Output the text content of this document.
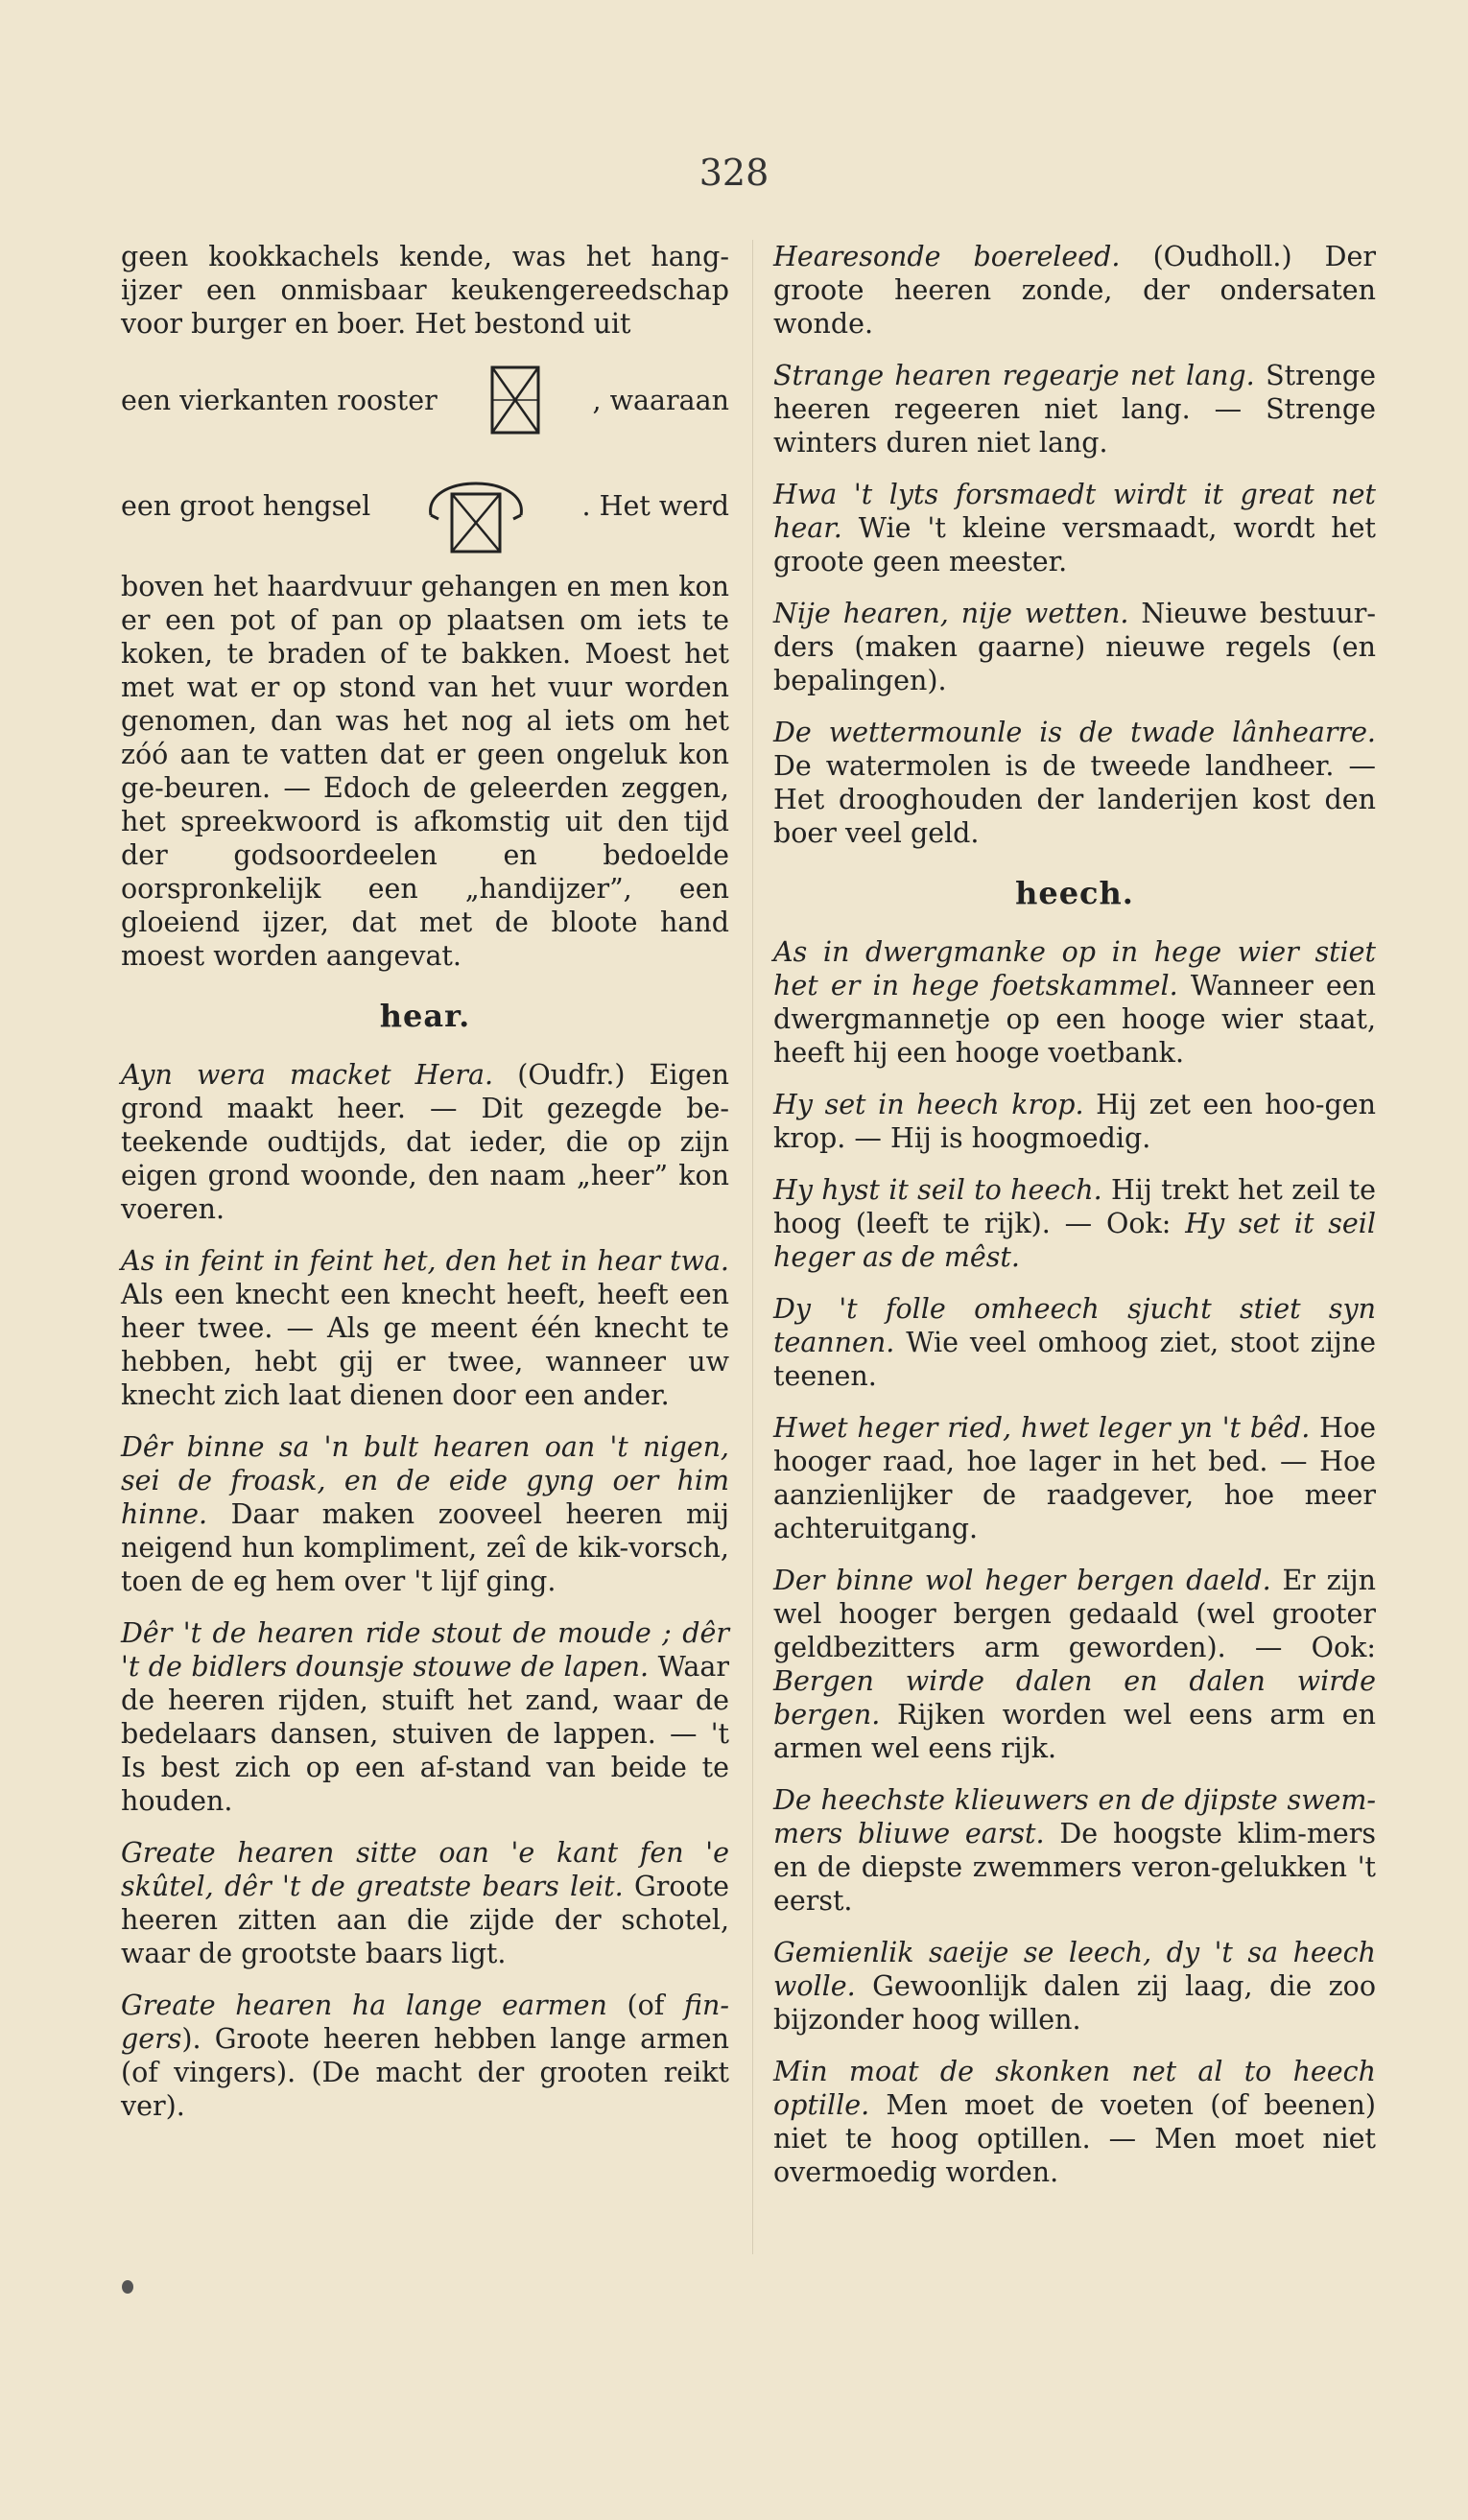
328

geen kookkachels kende, was het hang-ijzer een onmisbaar keukengereedschap voor burger en boer. Het bestond uit

een vierkanten rooster	, waaraan
een groot hengsel	. Het werd

boven het haardvuur gehangen en men kon er een pot of pan op plaatsen om iets te koken, te braden of te bakken. Moest het met wat er op stond van het vuur worden genomen, dan was het nog al iets om het zóó aan te vatten dat er geen ongeluk kon ge-beuren. — Edoch de geleerden zeggen, het spreekwoord is afkomstig uit den tijd der godsoordeelen en bedoelde oorspronkelijk een „handijzer”, een gloeiend ijzer, dat met de bloote hand moest worden aangevat.

hear.

Ayn wera macket Hera. (Oudfr.) Eigen grond maakt heer. — Dit gezegde be-teekende oudtijds, dat ieder, die op zijn eigen grond woonde, den naam „heer” kon voeren.

As in feint in feint het, den het in hear twa. Als een knecht een knecht heeft, heeft een heer twee. — Als ge meent één knecht te hebben, hebt gij er twee, wanneer uw knecht zich laat dienen door een ander.

Dêr binne sa 'n bult hearen oan 't nigen, sei de froask, en de eide gyng oer him hinne. Daar maken zooveel heeren mij neigend hun kompliment, zeî de kik-vorsch, toen de eg hem over 't lijf ging.

Dêr 't de hearen ride stout de moude ; dêr 't de bidlers dounsje stouwe de lapen. Waar de heeren rijden, stuift het zand, waar de bedelaars dansen, stuiven de lappen. — 't Is best zich op een af-stand van beide te houden.

Greate hearen sitte oan 'e kant fen 'e skûtel, dêr 't de greatste bears leit. Groote heeren zitten aan die zijde der schotel, waar de grootste baars ligt.

Greate hearen ha lange earmen (of fin-gers). Groote heeren hebben lange armen (of vingers). (De macht der grooten reikt ver).

Hearesonde boereleed. (Oudholl.) Der groote heeren zonde, der ondersaten wonde.

Strange hearen regearje net lang. Strenge heeren regeeren niet lang. — Strenge winters duren niet lang.

Hwa 't lyts forsmaedt wirdt it great net hear. Wie 't kleine versmaadt, wordt het groote geen meester.

Nije hearen, nije wetten. Nieuwe bestuur-ders (maken gaarne) nieuwe regels (en bepalingen).

De wettermounle is de twade lânhearre. De watermolen is de tweede landheer. — Het drooghouden der landerijen kost den boer veel geld.

heech.

As in dwergmanke op in hege wier stiet het er in hege foetskammel. Wanneer een dwergmannetje op een hooge wier staat, heeft hij een hooge voetbank.

Hy set in heech krop. Hij zet een hoo-gen krop. — Hij is hoogmoedig.

Hy hyst it seil to heech. Hij trekt het zeil te hoog (leeft te rijk). — Ook: Hy set it seil heger as de mêst.

Dy 't folle omheech sjucht stiet syn teannen. Wie veel omhoog ziet, stoot zijne teenen.

Hwet heger ried, hwet leger yn 't bêd. Hoe hooger raad, hoe lager in het bed. — Hoe aanzienlijker de raadgever, hoe meer achteruitgang.

Der binne wol heger bergen daeld. Er zijn wel hooger bergen gedaald (wel grooter geldbezitters arm geworden). — Ook: Bergen wirde dalen en dalen wirde bergen. Rijken worden wel eens arm en armen wel eens rijk.

De heechste klieuwers en de djipste swem-mers bliuwe earst. De hoogste klim-mers en de diepste zwemmers veron-gelukken 't eerst.

Gemienlik saeije se leech, dy 't sa heech wolle. Gewoonlijk dalen zij laag, die zoo bijzonder hoog willen.

Min moat de skonken net al to heech optille. Men moet de voeten (of beenen) niet te hoog optillen. — Men moet niet overmoedig worden.
